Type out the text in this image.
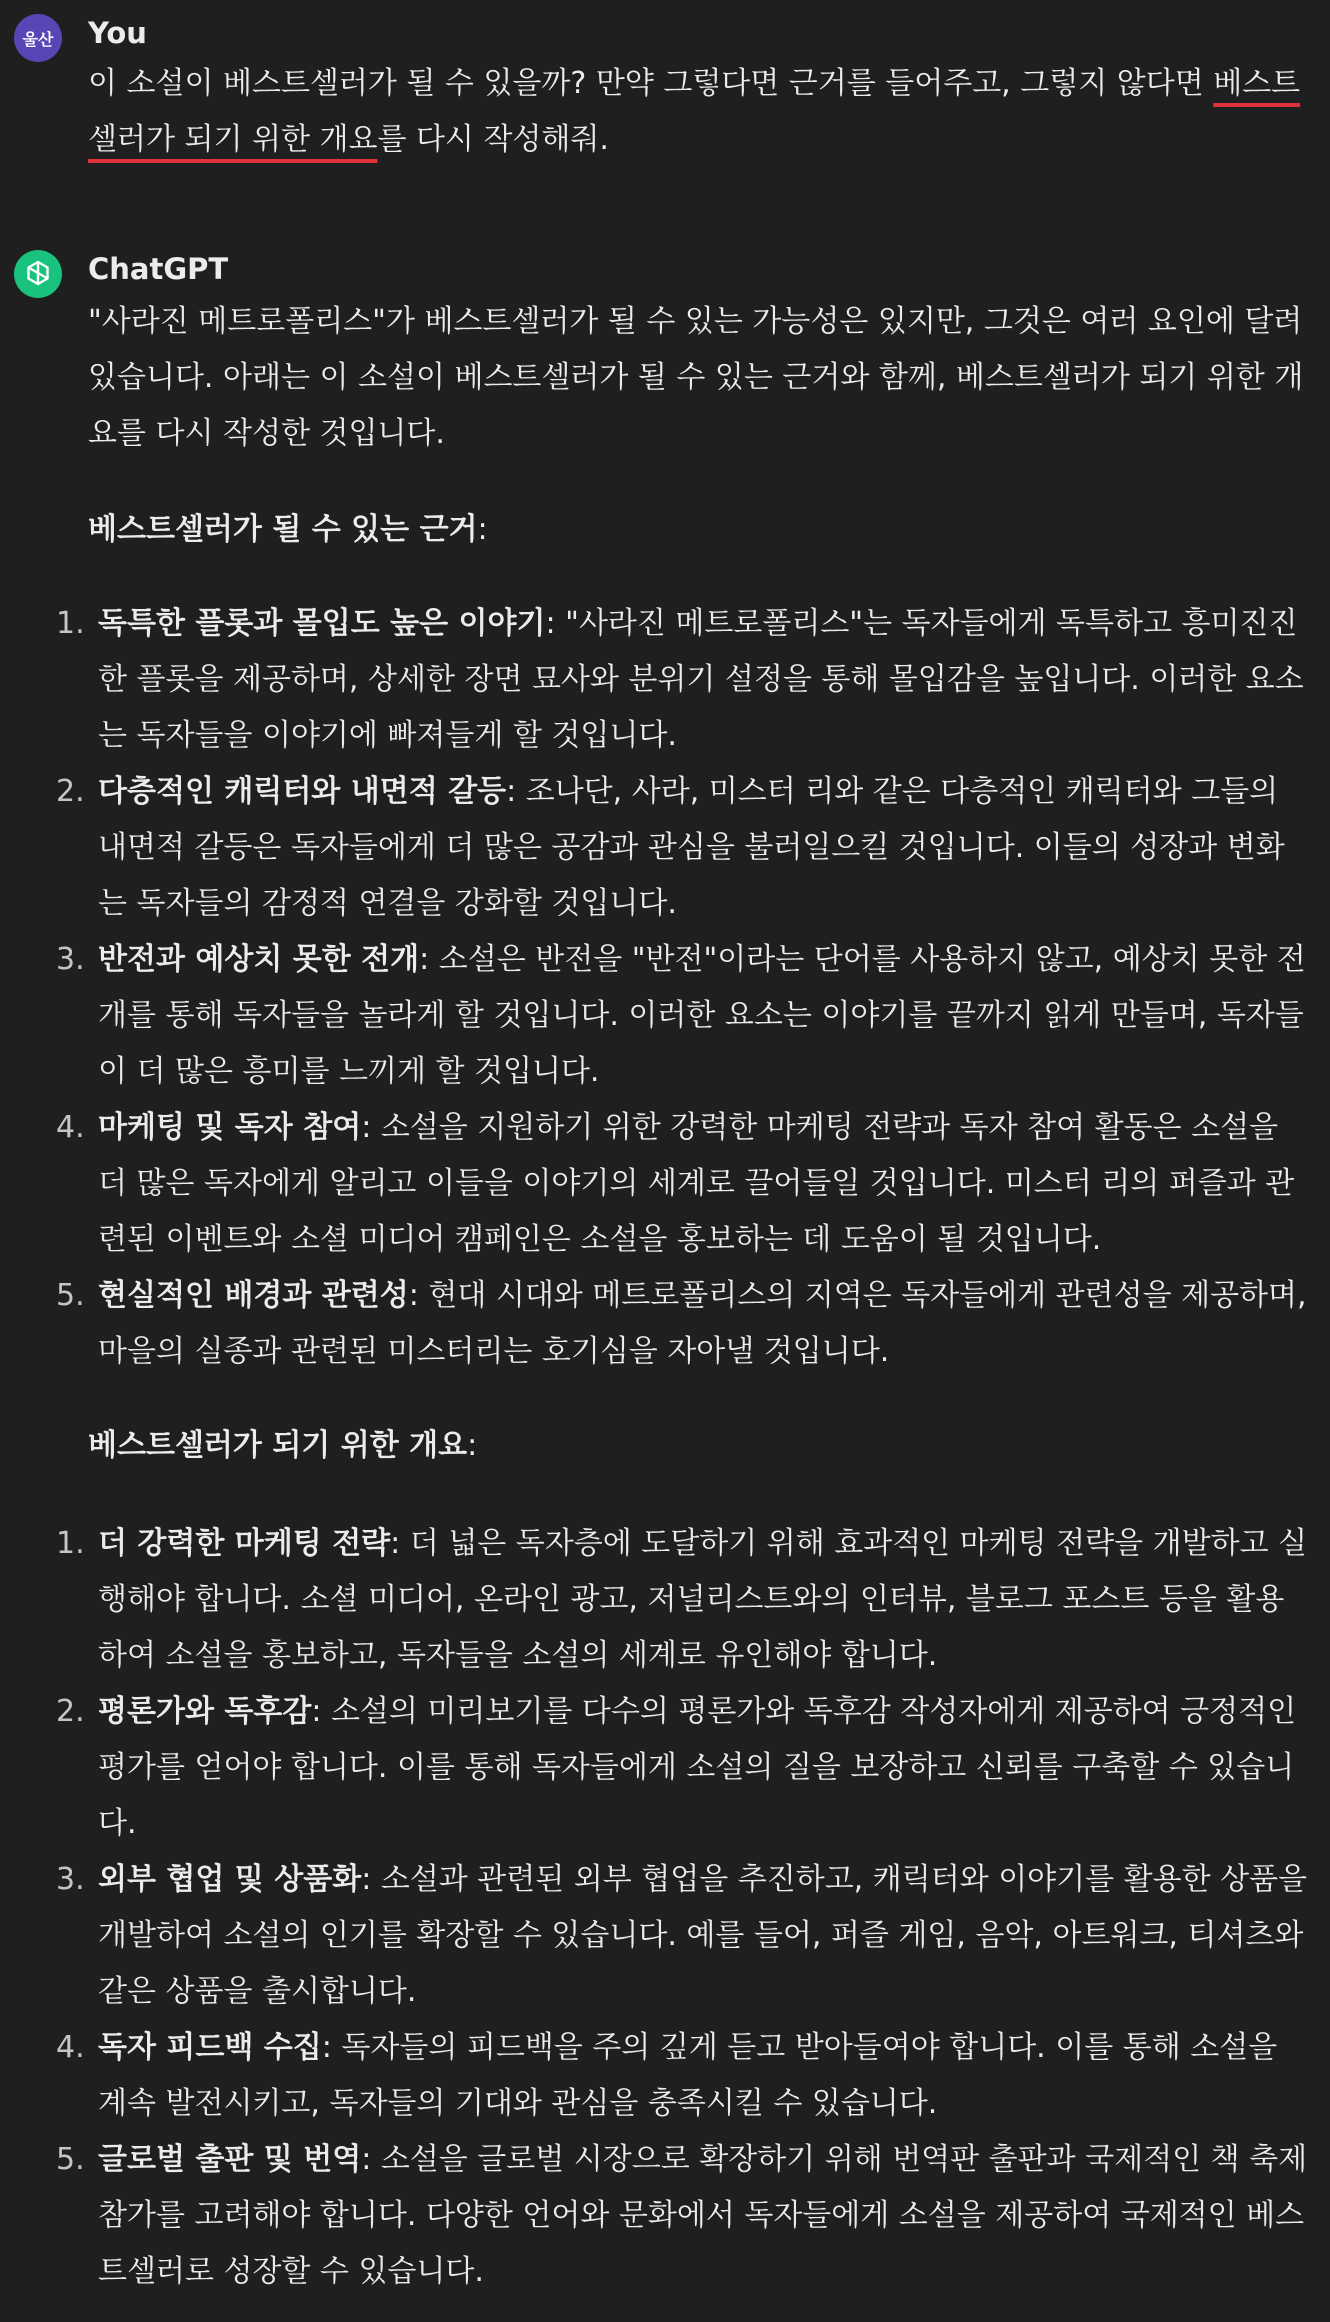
울산 You
이 소설이 베스트셀러가 될 수 있을까? 만약 그렇다면 근거를 들어주고, 그렇지 않다면 베스트셀러가 되기 위한 개요를 다시 작성해줘.
ChatGPT
"사라진 메트로폴리스"가 베스트셀러가 될 수 있는 가능성은 있지만, 그것은 여러 요인에 달려 있습니다. 아래는 이 소설이 베스트셀러가 될 수 있는 근거와 함께, 베스트셀러가 되기 위한 개요를 다시 작성한 것입니다.
베스트셀러가 될 수 있는 근거:
1. 독특한 플롯과 몰입도 높은 이야기: "사라진 메트로폴리스"는 독자들에게 독특하고 흥미진진한 플롯을 제공하며, 상세한 장면 묘사와 분위기 설정을 통해 몰입감을 높입니다. 이러한 요소는 독자들을 이야기에 빠져들게 할 것입니다.
2. 다층적인 캐릭터와 내면적 갈등: 조나단, 사라, 미스터 리와 같은 다층적인 캐릭터와 그들의 내면적 갈등은 독자들에게 더 많은 공감과 관심을 불러일으킬 것입니다. 이들의 성장과 변화는 독자들의 감정적 연결을 강화할 것입니다.
3. 반전과 예상치 못한 전개: 소설은 반전을 "반전"이라는 단어를 사용하지 않고, 예상치 못한 전개를 통해 독자들을 놀라게 할 것입니다. 이러한 요소는 이야기를 끝까지 읽게 만들며, 독자들이 더 많은 흥미를 느끼게 할 것입니다.
4. 마케팅 및 독자 참여: 소설을 지원하기 위한 강력한 마케팅 전략과 독자 참여 활동은 소설을 더 많은 독자에게 알리고 이들을 이야기의 세계로 끌어들일 것입니다. 미스터 리의 퍼즐과 관련된 이벤트와 소셜 미디어 캠페인은 소설을 홍보하는 데 도움이 될 것입니다.
5. 현실적인 배경과 관련성: 현대 시대와 메트로폴리스의 지역은 독자들에게 관련성을 제공하며, 마을의 실종과 관련된 미스터리는 호기심을 자아낼 것입니다.
베스트셀러가 되기 위한 개요:
1. 더 강력한 마케팅 전략: 더 넓은 독자층에 도달하기 위해 효과적인 마케팅 전략을 개발하고 실행해야 합니다. 소셜 미디어, 온라인 광고, 저널리스트와의 인터뷰, 블로그 포스트 등을 활용하여 소설을 홍보하고, 독자들을 소설의 세계로 유인해야 합니다.
2. 평론가와 독후감: 소설의 미리보기를 다수의 평론가와 독후감 작성자에게 제공하여 긍정적인 평가를 얻어야 합니다. 이를 통해 독자들에게 소설의 질을 보장하고 신뢰를 구축할 수 있습니다.
3. 외부 협업 및 상품화: 소설과 관련된 외부 협업을 추진하고, 캐릭터와 이야기를 활용한 상품을 개발하여 소설의 인기를 확장할 수 있습니다. 예를 들어, 퍼즐 게임, 음악, 아트워크, 티셔츠와 같은 상품을 출시합니다.
4. 독자 피드백 수집: 독자들의 피드백을 주의 깊게 듣고 받아들여야 합니다. 이를 통해 소설을 계속 발전시키고, 독자들의 기대와 관심을 충족시킬 수 있습니다.
5. 글로벌 출판 및 번역: 소설을 글로벌 시장으로 확장하기 위해 번역판 출판과 국제적인 책 축제 참가를 고려해야 합니다. 다양한 언어와 문화에서 독자들에게 소설을 제공하여 국제적인 베스트셀러로 성장할 수 있습니다.
